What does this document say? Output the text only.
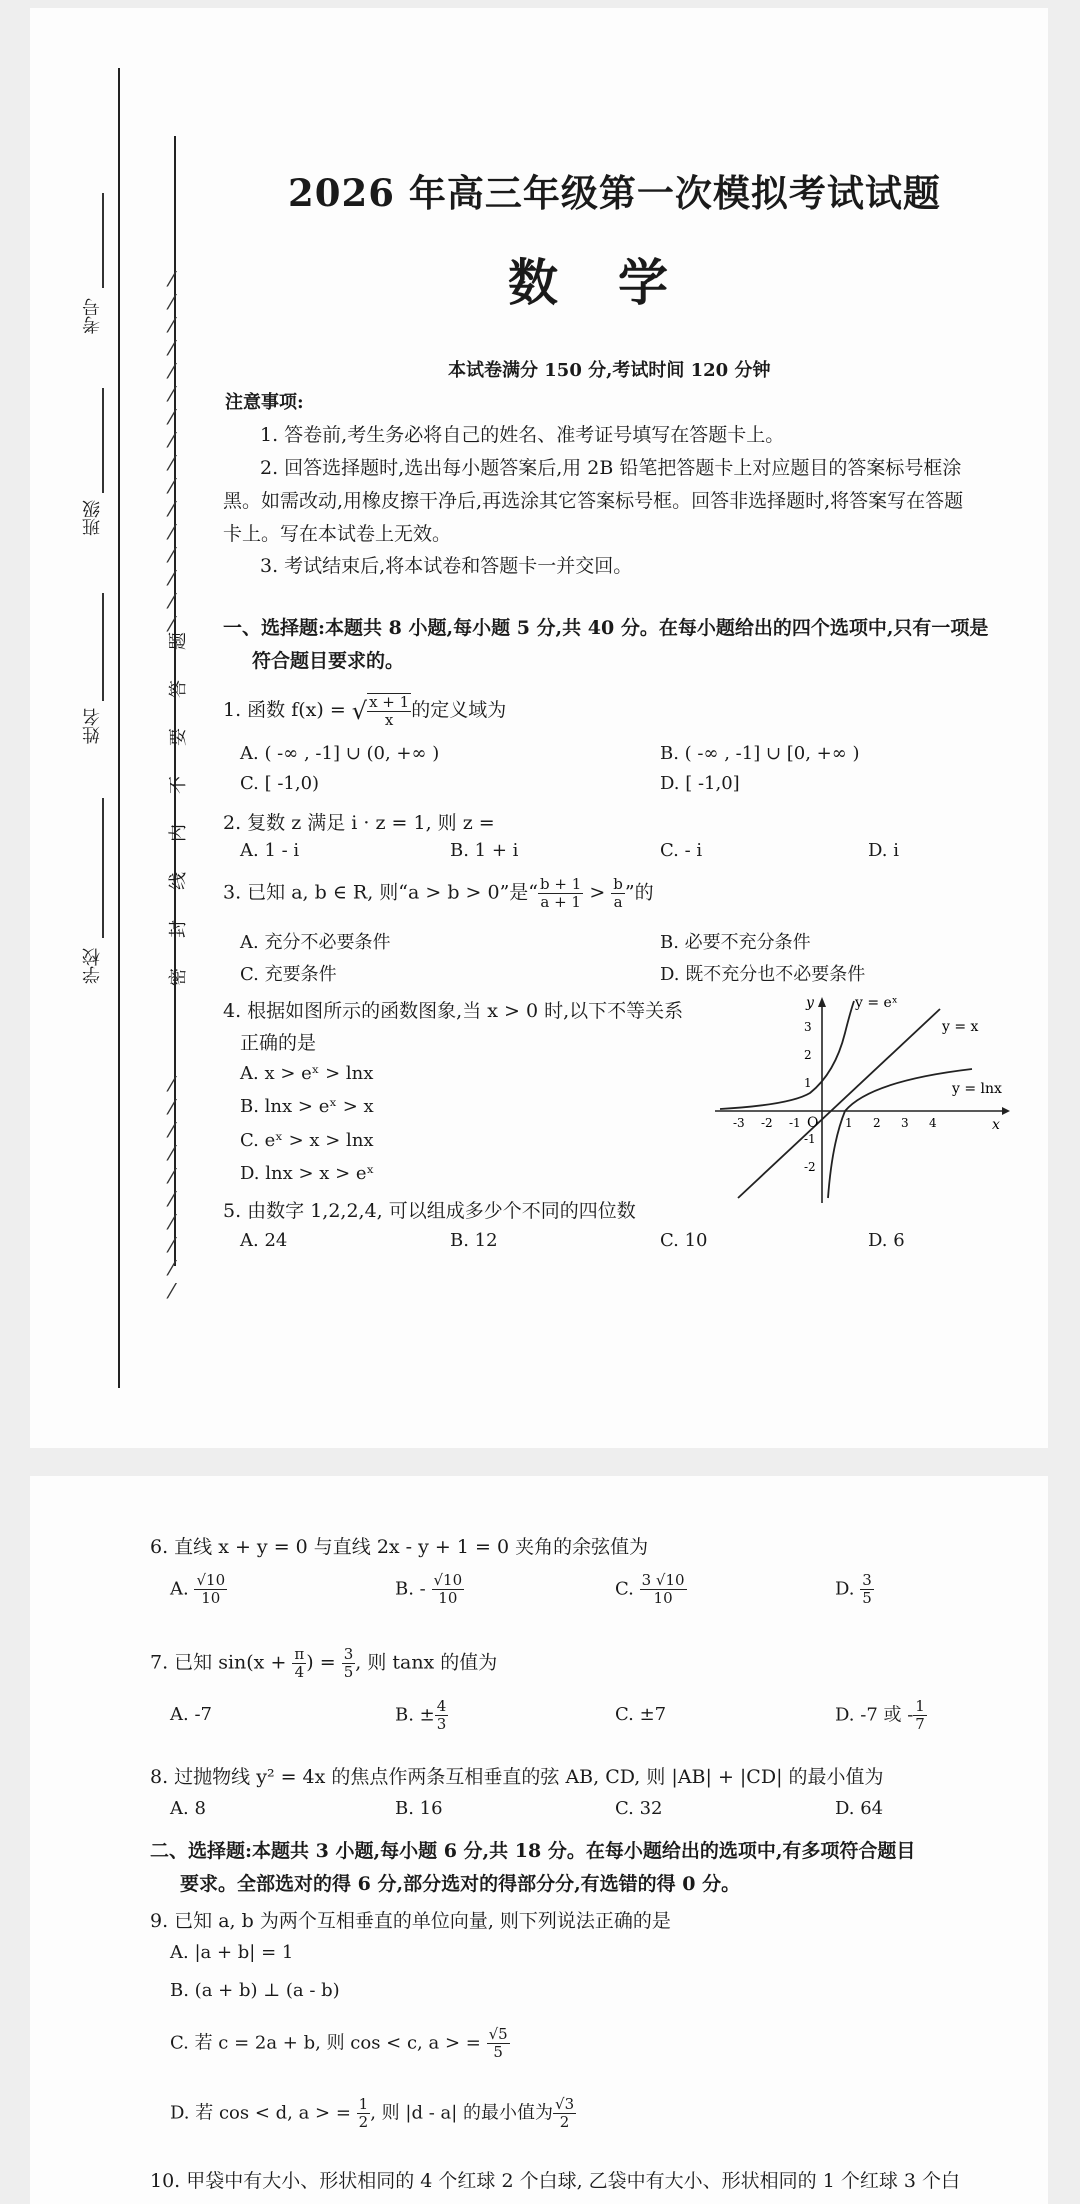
考号
班级
姓名
学校
⁄
⁄
⁄
⁄
⁄
⁄
⁄
⁄
⁄
⁄
⁄
⁄
⁄
⁄
⁄
⁄

⁄
⁄
⁄
⁄
⁄
⁄
⁄
⁄
⁄
⁄
题
答
要
不
内
线
封
密
2026 年高三年级第一次模拟考试试题
数学
本试卷满分 150 分,考试时间 120 分钟
注意事项:
1. 答卷前,考生务必将自己的姓名、准考证号填写在答题卡上。
2. 回答选择题时,选出每小题答案后,用 2B 铅笔把答题卡上对应题目的答案标号框涂
黑。如需改动,用橡皮擦干净后,再选涂其它答案标号框。回答非选择题时,将答案写在答题
卡上。写在本试卷上无效。
3. 考试结束后,将本试卷和答题卡一并交回。
一、选择题:本题共 8 小题,每小题 5 分,共 40 分。在每小题给出的四个选项中,只有一项是
符合题目要求的。
1. 函数 f(x) = √ $\frac{x + 1}{x}$ 的定义域为
A. ( -∞ , -1] ∪ (0, +∞ )	B. ( -∞ , -1] ∪ [0, +∞ )
C. [ -1,0)	D. [ -1,0]
2. 复数 z 满足 i · z = 1, 则 z =
A. 1 - i	B. 1 + i	C. - i	D. i
3. 已知 a, b ∈ R, 则“a > b > 0”是“ $\frac{b + 1}{a + 1} > \frac{b}{a}$ ”的
A. 充分不必要条件	B. 必要不充分条件
C. 充要条件	D. 既不充分也不必要条件
4. 根据如图所示的函数图象,当 x > 0 时,以下不等关系
正确的是
A. x > eˣ > lnx
B. lnx > eˣ > x
C. eˣ > x > lnx
D. lnx > x > eˣ
y
x
y = eˣ
y = x
y = lnx
O
-3 -2 -1	1 2 3 4
3
2
1
-1
-2
5. 由数字 1,2,2,4, 可以组成多少个不同的四位数
A. 24	B. 12	C. 10	D. 6
6. 直线 x + y = 0 与直线 2x - y + 1 = 0 夹角的余弦值为
A. $\frac{√10}{10}$	B. - $\frac{√10}{10}$	C. $\frac{3 √10}{10}$	D. $\frac{3}{5}$
7. 已知 $\sin(x + \frac{\pi}{4}$ ) = $\frac{3}{5}$ , 则 tanx 的值为
A. -7	B. ± $\frac{4}{3}$	C. ±7	D. -7 或 - $\frac{1}{7}$
8. 过抛物线 y² = 4x 的焦点作两条互相垂直的弦 AB, CD, 则 |AB| + |CD| 的最小值为
A. 8	B. 16	C. 32	D. 64
二、选择题:本题共 3 小题,每小题 6 分,共 18 分。在每小题给出的选项中,有多项符合题目
要求。全部选对的得 6 分,部分选对的得部分分,有选错的得 0 分。
9. 已知 a, b 为两个互相垂直的单位向量, 则下列说法正确的是
A. |a + b| = 1
B. (a + b) ⊥ (a - b)
C. 若 c = 2a + b, 则 cos < c, a > = $\frac{√5}{5}$
D. 若 cos < d, a > = $\frac{1}{2}$ , 则 |d - a| 的最小值为 $\frac{√3}{2}$
10. 甲袋中有大小、形状相同的 4 个红球 2 个白球, 乙袋中有大小、形状相同的 1 个红球 3 个白
